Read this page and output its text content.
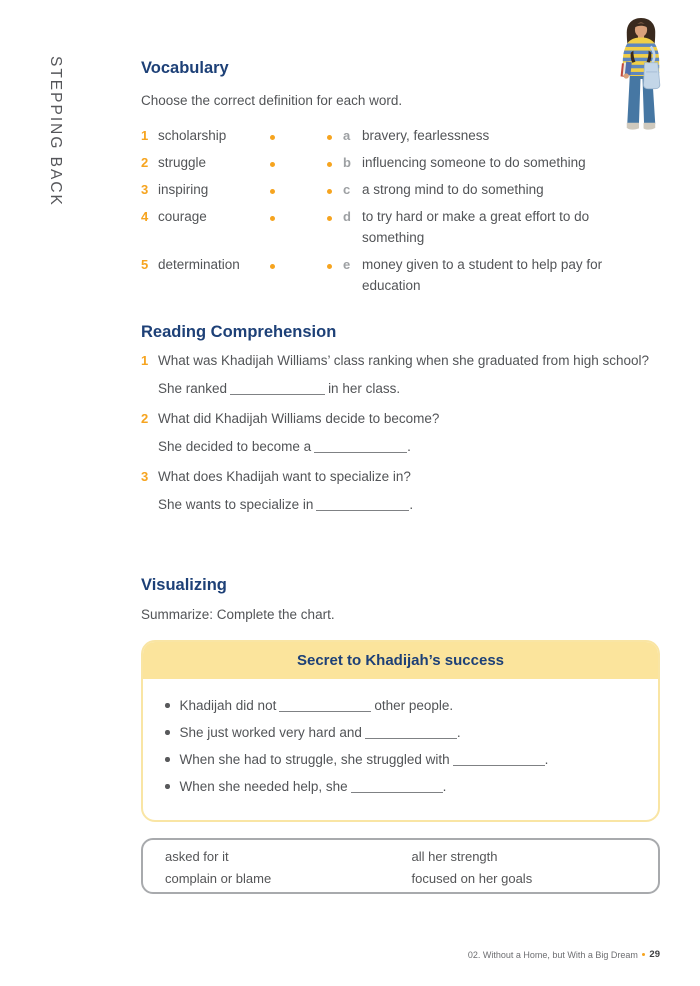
STEPPING BACK	Vocabulary

Choose the correct definition for each word.

1 scholarship	a bravery, fearlessness
2 struggle	b influencing someone to do something
3 inspiring	c a strong mind to do something
4 courage	d to try hard or make a great effort to do something
5 determination	e money given to a student to help pay for education
Reading Comprehension
1 What was Khadijah Williams’ class ranking when she graduated from high school?

She ranked	in her class.

2 What did Khadijah Williams decide to become?

She decided to become a	.

3 What does Khadijah want to specialize in?

She wants to specialize in	.

Visualizing

Summarize: Complete the chart.

Secret to Khadijah’s success
Khadijah did not	other people.
She just worked very hard and	.
When she had to struggle, she struggled with	.
When she needed help, she	.
asked for it
complain or blame
all her strength
focused on her goals
02. Without a Home, but With a Big Dream 29
